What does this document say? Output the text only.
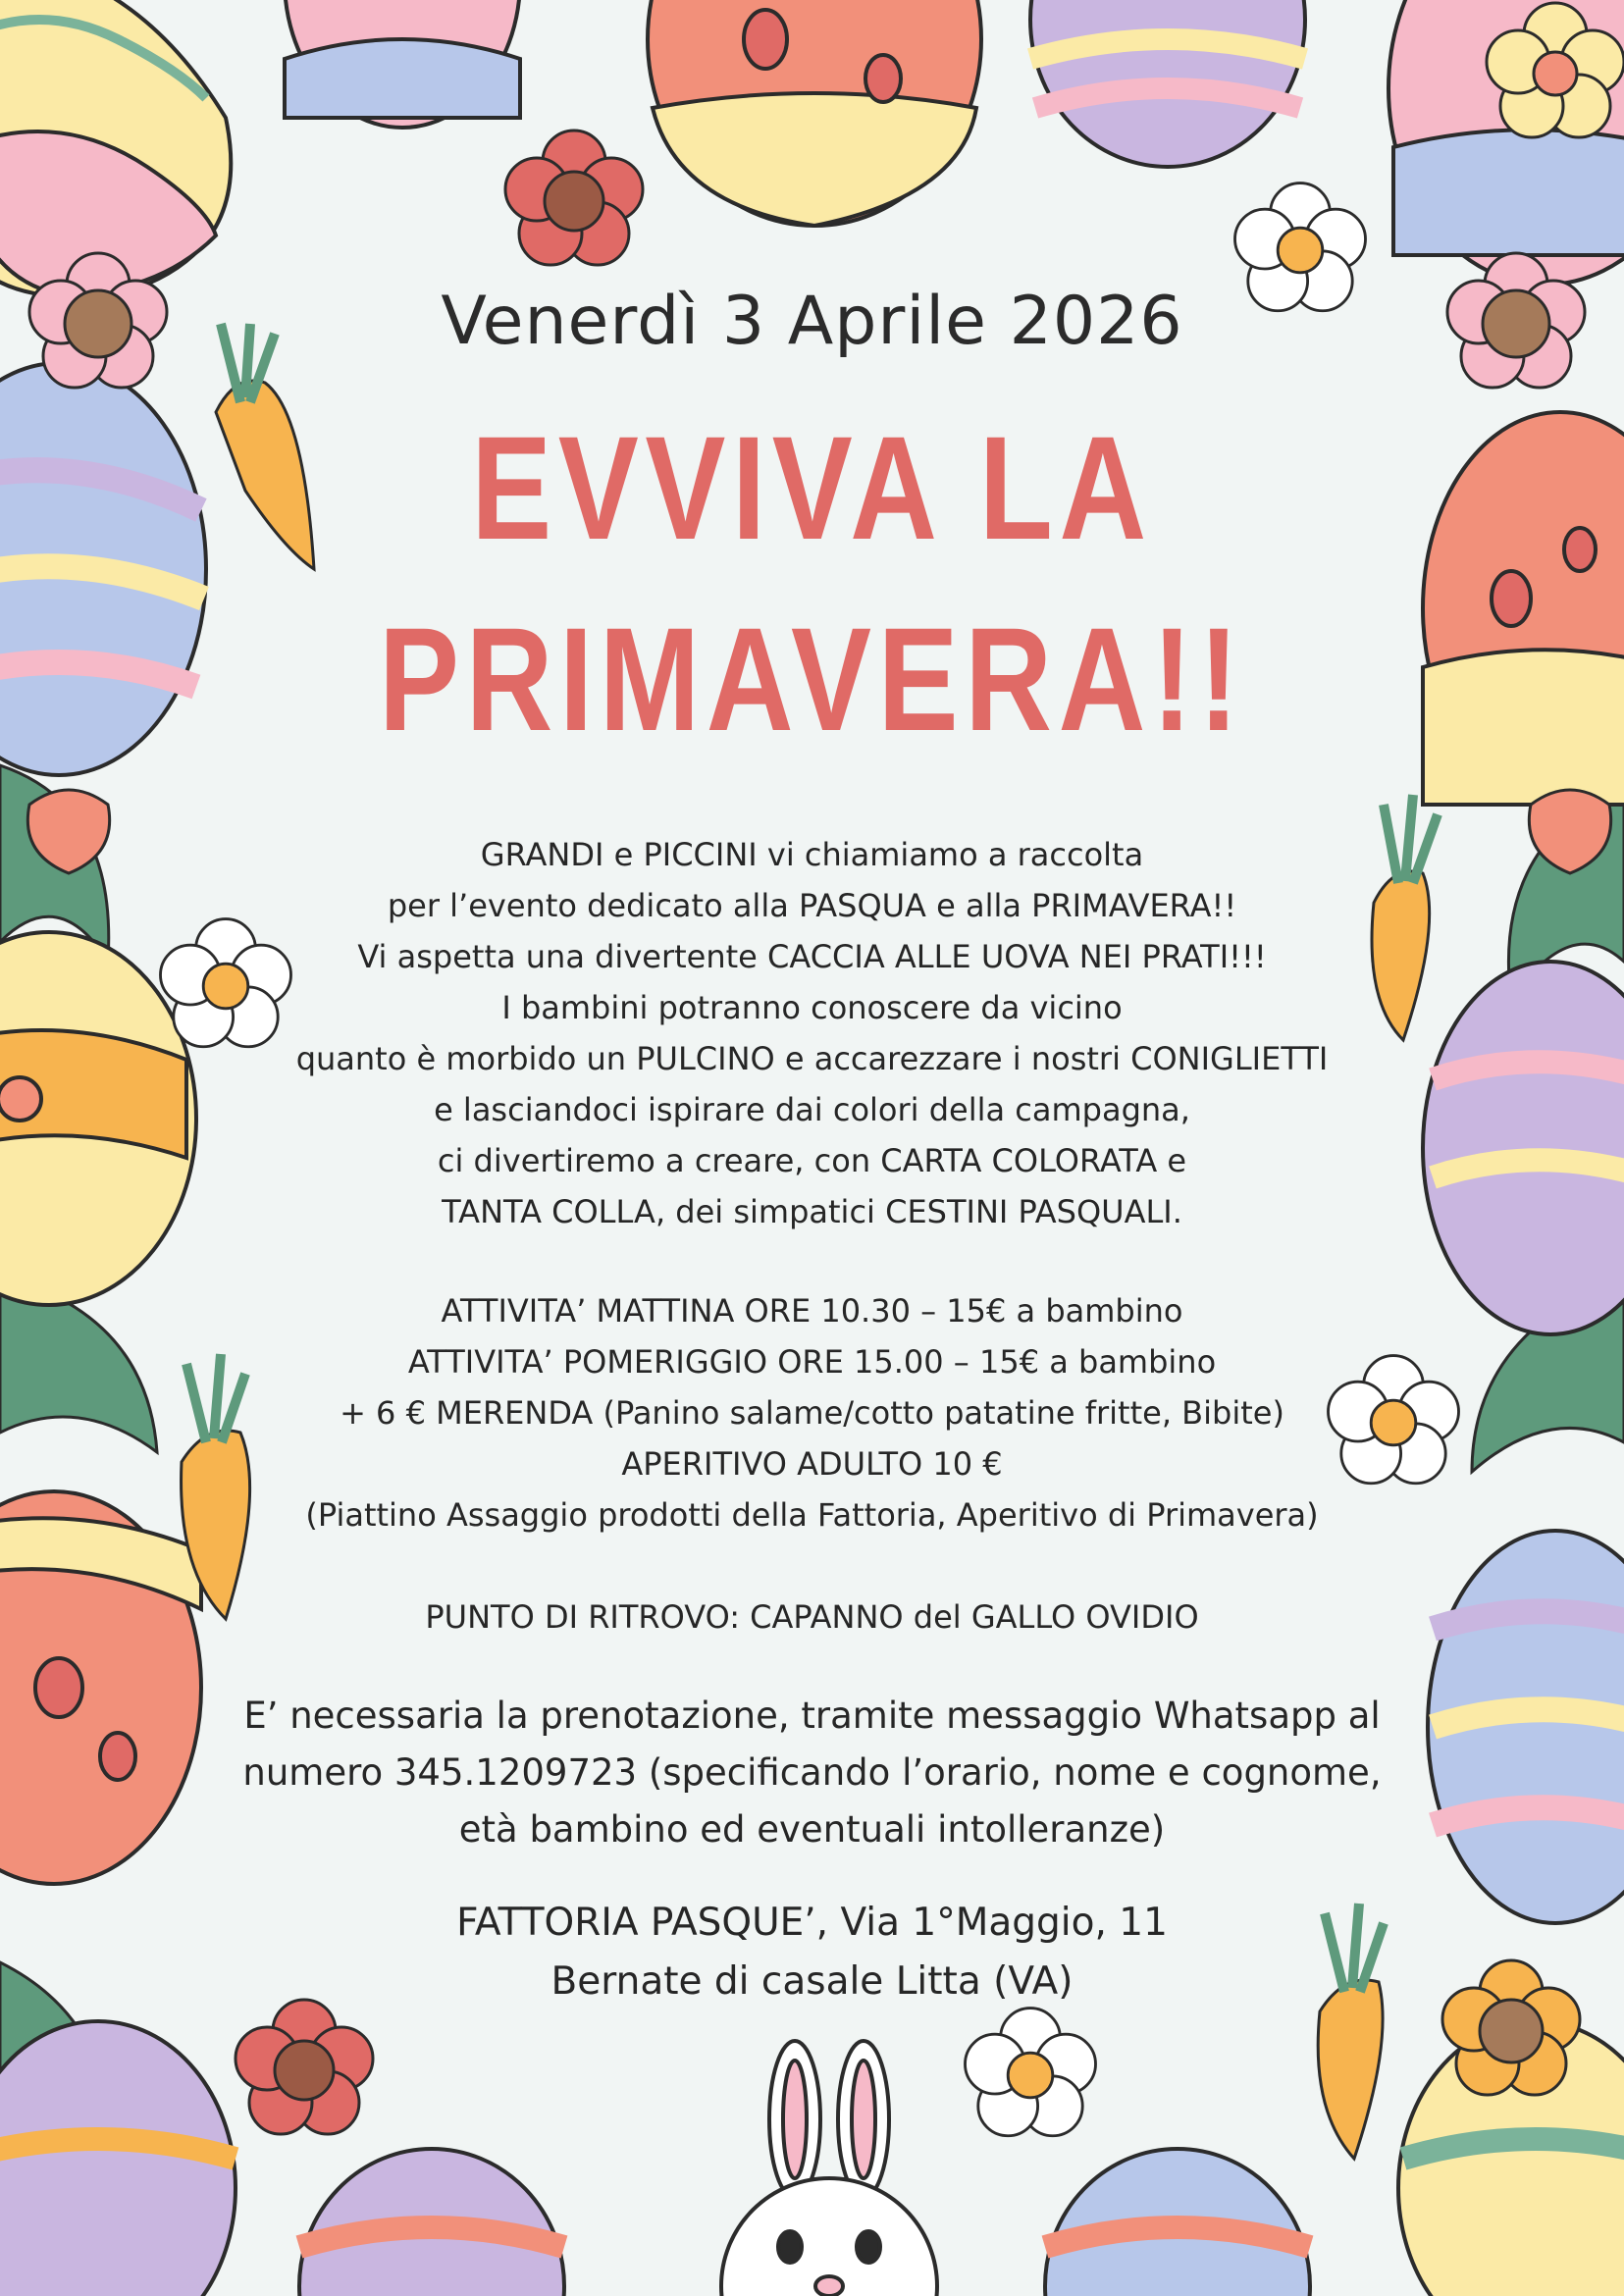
Venerdì 3 Aprile 2026
EVVIVA LA
PRIMAVERA!!
GRANDI e PICCINI vi chiamiamo a raccolta
per l’evento dedicato alla PASQUA e alla PRIMAVERA!!
Vi aspetta una divertente CACCIA ALLE UOVA NEI PRATI!!!
I bambini potranno conoscere da vicino
quanto è morbido un PULCINO e accarezzare i nostri CONIGLIETTI
e lasciandoci ispirare dai colori della campagna,
ci divertiremo a creare, con CARTA COLORATA e
TANTA COLLA, dei simpatici CESTINI PASQUALI.
ATTIVITA’ MATTINA ORE 10.30 – 15€ a bambino
ATTIVITA’ POMERIGGIO ORE 15.00 – 15€ a bambino
+ 6 € MERENDA (Panino salame/cotto patatine fritte, Bibite)
APERITIVO ADULTO 10 €
(Piattino Assaggio prodotti della Fattoria, Aperitivo di Primavera)
PUNTO DI RITROVO: CAPANNO del GALLO OVIDIO
E’ necessaria la prenotazione, tramite messaggio Whatsapp al
numero 345.1209723 (specificando l’orario, nome e cognome,
età bambino ed eventuali intolleranze)
FATTORIA PASQUE’, Via 1°Maggio, 11
Bernate di casale Litta (VA)
